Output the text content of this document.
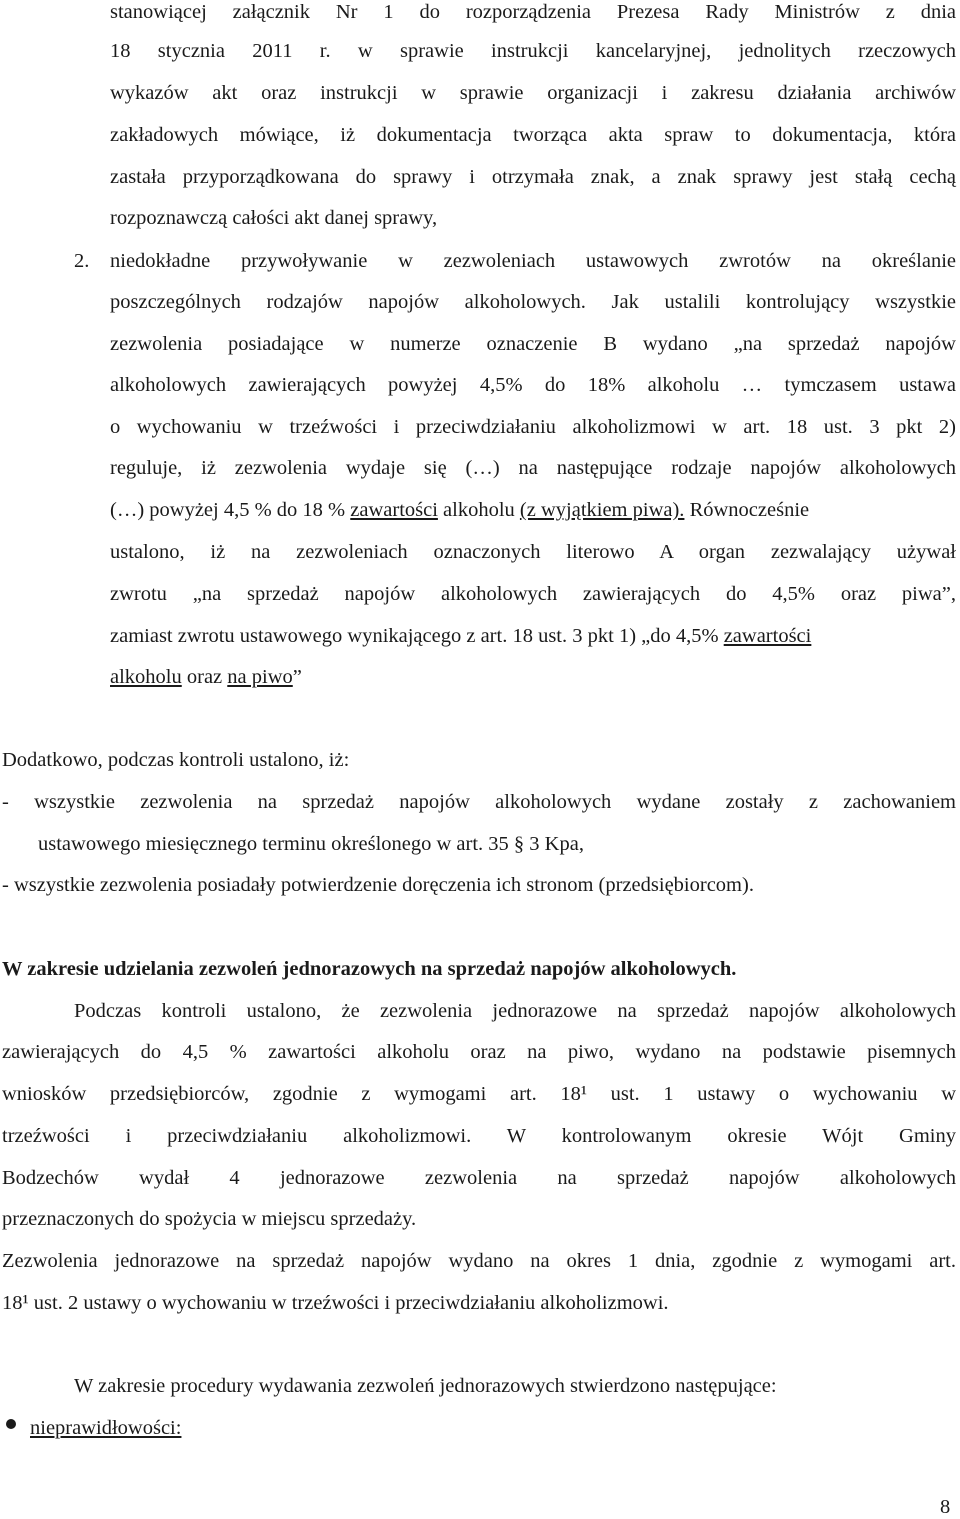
stanowiącej załącznik Nr 1 do rozporządzenia Prezesa Rady Ministrów z dnia
18 stycznia 2011 r. w sprawie instrukcji kancelaryjnej, jednolitych rzeczowych
wykazów akt oraz instrukcji w sprawie organizacji i zakresu działania archiwów
zakładowych mówiące, iż dokumentacja tworząca akta spraw to dokumentacja, która
zastała przyporządkowana do sprawy i otrzymała znak, a znak sprawy jest stałą cechą
rozpoznawczą całości akt danej sprawy,
2. niedokładne przywoływanie w zezwoleniach ustawowych zwrotów na określanie
poszczególnych rodzajów napojów alkoholowych. Jak ustalili kontrolujący wszystkie
zezwolenia posiadające w numerze oznaczenie B wydano „na sprzedaż napojów
alkoholowych zawierających powyżej 4,5% do 18% alkoholu … tymczasem ustawa
o wychowaniu w trzeźwości i przeciwdziałaniu alkoholizmowi w art. 18 ust. 3 pkt 2)
reguluje, iż zezwolenia wydaje się (…) na następujące rodzaje napojów alkoholowych
(…) powyżej 4,5 % do 18 % zawartości alkoholu (z wyjątkiem piwa). Równocześnie
ustalono, iż na zezwoleniach oznaczonych literowo A organ zezwalający używał
zwrotu „na sprzedaż napojów alkoholowych zawierających do 4,5% oraz piwa”,
zamiast zwrotu ustawowego wynikającego z art. 18 ust. 3 pkt 1) „do 4,5% zawartości
alkoholu oraz na piwo”
Dodatkowo, podczas kontroli ustalono, iż:
- wszystkie zezwolenia na sprzedaż napojów alkoholowych wydane zostały z zachowaniem
ustawowego miesięcznego terminu określonego w art. 35 § 3 Kpa,
- wszystkie zezwolenia posiadały potwierdzenie doręczenia ich stronom (przedsiębiorcom).
W zakresie udzielania zezwoleń jednorazowych na sprzedaż napojów alkoholowych.
Podczas kontroli ustalono, że zezwolenia jednorazowe na sprzedaż napojów alkoholowych
zawierających do 4,5 % zawartości alkoholu oraz na piwo, wydano na podstawie pisemnych
wniosków przedsiębiorców, zgodnie z wymogami art. 18¹ ust. 1 ustawy o wychowaniu w
trzeźwości i przeciwdziałaniu alkoholizmowi. W kontrolowanym okresie Wójt Gminy
Bodzechów wydał 4 jednorazowe zezwolenia na sprzedaż napojów alkoholowych
przeznaczonych do spożycia w miejscu sprzedaży.
Zezwolenia jednorazowe na sprzedaż napojów wydano na okres 1 dnia, zgodnie z wymogami art.
18¹ ust. 2 ustawy o wychowaniu w trzeźwości i przeciwdziałaniu alkoholizmowi.
W zakresie procedury wydawania zezwoleń jednorazowych stwierdzono następujące:
nieprawidłowości:
8
